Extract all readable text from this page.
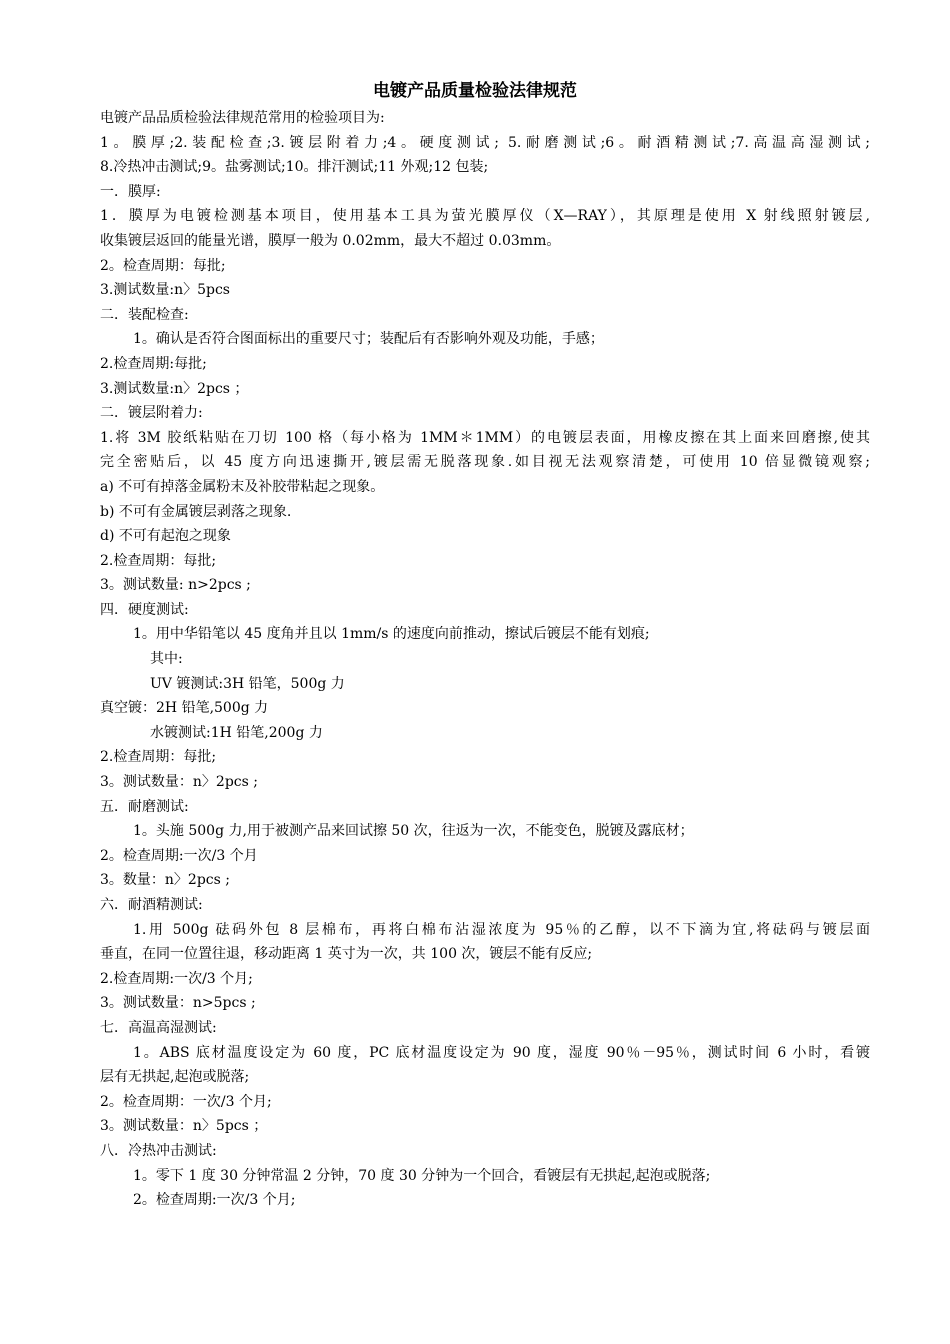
电镀产品质量检验法律规范
电镀产品品质检验法律规范常用的检验项目为:
1。膜厚;2.装配检查;3.镀层附着力;4。硬度测试; 5.耐磨测试;6。耐酒精测试;7.高温高湿测试;
8.冷热冲击测试;9。盐雾测试;10。排汗测试;11 外观;12 包装;
一．膜厚:
1．膜厚为电镀检测基本项目，使用基本工具为萤光膜厚仪（X—RAY），其原理是使用 X 射线照射镀层,
收集镀层返回的能量光谱，膜厚一般为 0.02mm，最大不超过 0.03mm。
2。检查周期：每批;
3.测试数量:n〉5pcs
二．装配检查:
1。确认是否符合图面标出的重要尺寸；装配后有否影响外观及功能，手感；
2.检查周期:每批;
3.测试数量:n〉2pcs ；
二．镀层附着力:
1.将 3M 胶纸粘贴在刀切 100 格（每小格为 1MM＊1MM）的电镀层表面，用橡皮擦在其上面来回磨擦,使其
完全密贴后，以 45 度方向迅速撕开,镀层需无脱落现象.如目视无法观察清楚，可使用 10 倍显微镜观察;
a) 不可有掉落金属粉末及补胶带粘起之现象。
b) 不可有金属镀层剥落之现象.
d) 不可有起泡之现象
2.检查周期：每批;
3。测试数量: n>2pcs ;
四．硬度测试:
1。用中华铅笔以 45 度角并且以 1mm/s 的速度向前推动，擦试后镀层不能有划痕;
其中:
UV 镀测试:3H 铅笔，500g 力
真空镀：2H 铅笔,500g 力
水镀测试:1H 铅笔,200g 力
2.检查周期：每批;
3。测试数量：n〉2pcs ;
五．耐磨测试:
1。头施 500g 力,用于被测产品来回试擦 50 次，往返为一次，不能变色，脱镀及露底材；
2。检查周期:一次/3 个月
3。数量：n〉2pcs ;
六．耐酒精测试:
1.用 500g 砝码外包 8 层棉布，再将白棉布沾湿浓度为 95％的乙醇，以不下滴为宜,将砝码与镀层面
垂直，在同一位置往退，移动距离 1 英寸为一次，共 100 次，镀层不能有反应;
2.检查周期:一次/3 个月;
3。测试数量：n>5pcs ;
七．高温高湿测试:
1。ABS 底材温度设定为 60 度，PC 底材温度设定为 90 度，湿度 90％－95％，测试时间 6 小时，看镀
层有无拱起,起泡或脱落;
2。检查周期：一次/3 个月;
3。测试数量：n〉5pcs ；
八．冷热冲击测试:
1。零下 1 度 30 分钟常温 2 分钟，70 度 30 分钟为一个回合，看镀层有无拱起,起泡或脱落;
2。检查周期:一次/3 个月;
